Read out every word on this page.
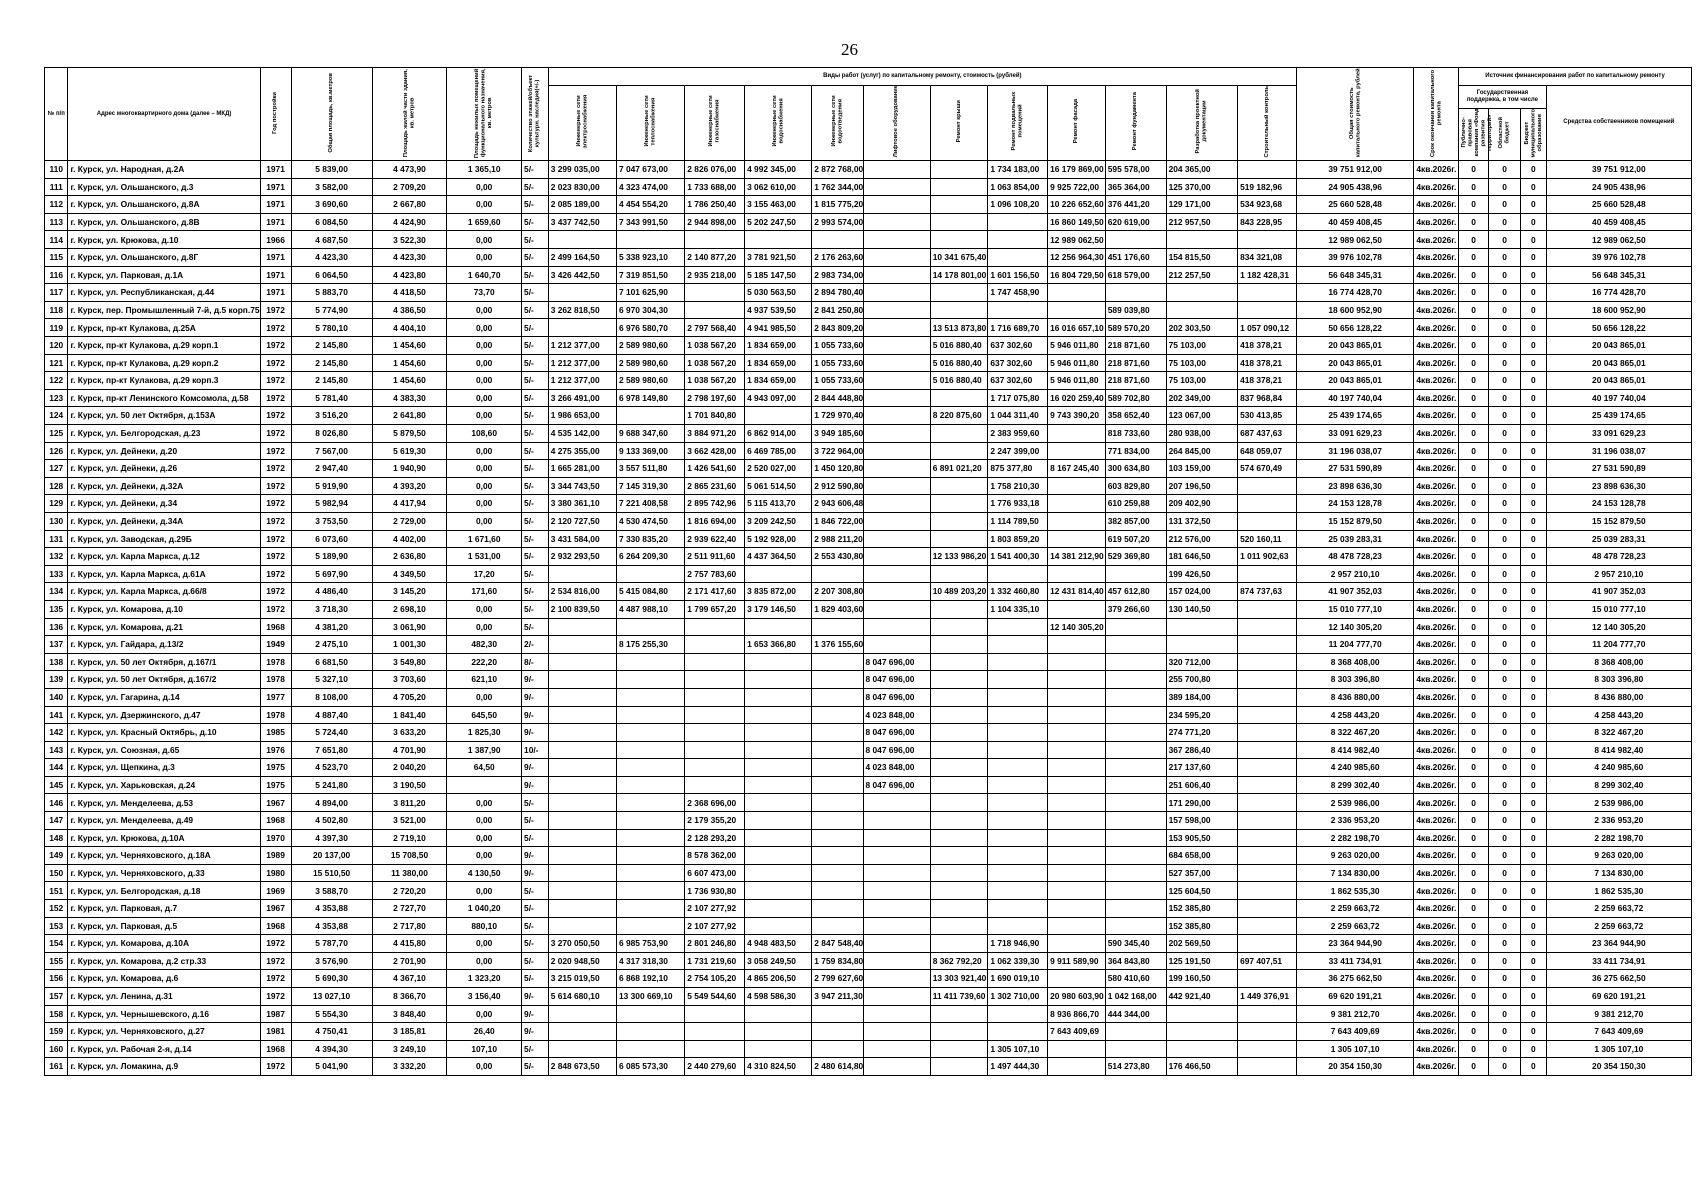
26
№ п/п	Адрес многоквартирного дома (далее – МКД)	Год постройки	Общая площадь, кв.метров	Площадь жилой части здания, кв. метров	Площадь нежилых помещений функционального назначения, кв. метров	Количество этажей/объект культурн. наследия(+/-)	Виды работ (услуг) по капитальному ремонту, стоимость (рублей)												Общая стоимость капитального ремонта, рублей	Срок окончания капитального ремонта	Источник финансирования работ по капитальному ремонту			
							Инженерные сети электроснабжения	Инженерные сети теплоснабжения	Инженерные сети газоснабжения	Инженерные сети водоснабжения	Инженерные сети водоотведения	Лифтовое оборудование	Ремонт крыши	Ремонт подвальных помещений	Ремонт фасада	Ремонт фундамента	Разработка проектной документации	Строительный контроль			Государственная поддержка, в том числе			Средства собственников помещений
																					Публично-правовая компания «Фонд развития территорий»	Областной бюджет	Бюджет муниципального образования	
110	г. Курск, ул. Народная, д.2А	1971	5 839,00	4 473,90	1 365,10	5/-	3 299 035,00	7 047 673,00	2 826 076,00	4 992 345,00	2 872 768,00			1 734 183,00	16 179 869,00	595 578,00	204 365,00		39 751 912,00	4кв.2026г.	0	0	0	39 751 912,00
111	г. Курск, ул. Ольшанского, д.3	1971	3 582,00	2 709,20	0,00	5/-	2 023 830,00	4 323 474,00	1 733 688,00	3 062 610,00	1 762 344,00			1 063 854,00	9 925 722,00	365 364,00	125 370,00	519 182,96	24 905 438,96	4кв.2026г.	0	0	0	24 905 438,96
112	г. Курск, ул. Ольшанского, д.8А	1971	3 690,60	2 667,80	0,00	5/-	2 085 189,00	4 454 554,20	1 786 250,40	3 155 463,00	1 815 775,20			1 096 108,20	10 226 652,60	376 441,20	129 171,00	534 923,68	25 660 528,48	4кв.2026г.	0	0	0	25 660 528,48
113	г. Курск, ул. Ольшанского, д.8В	1971	6 084,50	4 424,90	1 659,60	5/-	3 437 742,50	7 343 991,50	2 944 898,00	5 202 247,50	2 993 574,00				16 860 149,50	620 619,00	212 957,50	843 228,95	40 459 408,45	4кв.2026г.	0	0	0	40 459 408,45
114	г. Курск, ул. Крюкова, д.10	1966	4 687,50	3 522,30	0,00	5/-									12 989 062,50				12 989 062,50	4кв.2026г.	0	0	0	12 989 062,50
115	г. Курск, ул. Ольшанского, д.8Г	1971	4 423,30	4 423,30	0,00	5/-	2 499 164,50	5 338 923,10	2 140 877,20	3 781 921,50	2 176 263,60		10 341 675,40		12 256 964,30	451 176,60	154 815,50	834 321,08	39 976 102,78	4кв.2026г.	0	0	0	39 976 102,78
116	г. Курск, ул. Парковая, д.1А	1971	6 064,50	4 423,80	1 640,70	5/-	3 426 442,50	7 319 851,50	2 935 218,00	5 185 147,50	2 983 734,00		14 178 801,00	1 601 156,50	16 804 729,50	618 579,00	212 257,50	1 182 428,31	56 648 345,31	4кв.2026г.	0	0	0	56 648 345,31
117	г. Курск, ул. Республиканская, д.44	1971	5 883,70	4 418,50	73,70	5/-		7 101 625,90		5 030 563,50	2 894 780,40			1 747 458,90					16 774 428,70	4кв.2026г.	0	0	0	16 774 428,70
118	г. Курск, пер. Промышленный 7-й, д.5 корп.75	1972	5 774,90	4 386,50	0,00	5/-	3 262 818,50	6 970 304,30		4 937 539,50	2 841 250,80					589 039,80			18 600 952,90	4кв.2026г.	0	0	0	18 600 952,90
119	г. Курск, пр-кт Кулакова, д.25А	1972	5 780,10	4 404,10	0,00	5/-		6 976 580,70	2 797 568,40	4 941 985,50	2 843 809,20		13 513 873,80	1 716 689,70	16 016 657,10	589 570,20	202 303,50	1 057 090,12	50 656 128,22	4кв.2026г.	0	0	0	50 656 128,22
120	г. Курск, пр-кт Кулакова, д.29 корп.1	1972	2 145,80	1 454,60	0,00	5/-	1 212 377,00	2 589 980,60	1 038 567,20	1 834 659,00	1 055 733,60		5 016 880,40	637 302,60	5 946 011,80	218 871,60	75 103,00	418 378,21	20 043 865,01	4кв.2026г.	0	0	0	20 043 865,01
121	г. Курск, пр-кт Кулакова, д.29 корп.2	1972	2 145,80	1 454,60	0,00	5/-	1 212 377,00	2 589 980,60	1 038 567,20	1 834 659,00	1 055 733,60		5 016 880,40	637 302,60	5 946 011,80	218 871,60	75 103,00	418 378,21	20 043 865,01	4кв.2026г.	0	0	0	20 043 865,01
122	г. Курск, пр-кт Кулакова, д.29 корп.3	1972	2 145,80	1 454,60	0,00	5/-	1 212 377,00	2 589 980,60	1 038 567,20	1 834 659,00	1 055 733,60		5 016 880,40	637 302,60	5 946 011,80	218 871,60	75 103,00	418 378,21	20 043 865,01	4кв.2026г.	0	0	0	20 043 865,01
123	г. Курск, пр-кт Ленинского Комсомола, д.58	1972	5 781,40	4 383,30	0,00	5/-	3 266 491,00	6 978 149,80	2 798 197,60	4 943 097,00	2 844 448,80			1 717 075,80	16 020 259,40	589 702,80	202 349,00	837 968,84	40 197 740,04	4кв.2026г.	0	0	0	40 197 740,04
124	г. Курск, ул. 50 лет Октября, д.153А	1972	3 516,20	2 641,80	0,00	5/-	1 986 653,00		1 701 840,80		1 729 970,40		8 220 875,60	1 044 311,40	9 743 390,20	358 652,40	123 067,00	530 413,85	25 439 174,65	4кв.2026г.	0	0	0	25 439 174,65
125	г. Курск, ул. Белгородская, д.23	1972	8 026,80	5 879,50	108,60	5/-	4 535 142,00	9 688 347,60	3 884 971,20	6 862 914,00	3 949 185,60			2 383 959,60		818 733,60	280 938,00	687 437,63	33 091 629,23	4кв.2026г.	0	0	0	33 091 629,23
126	г. Курск, ул. Дейнеки, д.20	1972	7 567,00	5 619,30	0,00	5/-	4 275 355,00	9 133 369,00	3 662 428,00	6 469 785,00	3 722 964,00			2 247 399,00		771 834,00	264 845,00	648 059,07	31 196 038,07	4кв.2026г.	0	0	0	31 196 038,07
127	г. Курск, ул. Дейнеки, д.26	1972	2 947,40	1 940,90	0,00	5/-	1 665 281,00	3 557 511,80	1 426 541,60	2 520 027,00	1 450 120,80		6 891 021,20	875 377,80	8 167 245,40	300 634,80	103 159,00	574 670,49	27 531 590,89	4кв.2026г.	0	0	0	27 531 590,89
128	г. Курск, ул. Дейнеки, д.32А	1972	5 919,90	4 393,20	0,00	5/-	3 344 743,50	7 145 319,30	2 865 231,60	5 061 514,50	2 912 590,80			1 758 210,30		603 829,80	207 196,50		23 898 636,30	4кв.2026г.	0	0	0	23 898 636,30
129	г. Курск, ул. Дейнеки, д.34	1972	5 982,94	4 417,94	0,00	5/-	3 380 361,10	7 221 408,58	2 895 742,96	5 115 413,70	2 943 606,48			1 776 933,18		610 259,88	209 402,90		24 153 128,78	4кв.2026г.	0	0	0	24 153 128,78
130	г. Курск, ул. Дейнеки, д.34А	1972	3 753,50	2 729,00	0,00	5/-	2 120 727,50	4 530 474,50	1 816 694,00	3 209 242,50	1 846 722,00			1 114 789,50		382 857,00	131 372,50		15 152 879,50	4кв.2026г.	0	0	0	15 152 879,50
131	г. Курск, ул. Заводская, д.29Б	1972	6 073,60	4 402,00	1 671,60	5/-	3 431 584,00	7 330 835,20	2 939 622,40	5 192 928,00	2 988 211,20			1 803 859,20		619 507,20	212 576,00	520 160,11	25 039 283,31	4кв.2026г.	0	0	0	25 039 283,31
132	г. Курск, ул. Карла Маркса, д.12	1972	5 189,90	2 636,80	1 531,00	5/-	2 932 293,50	6 264 209,30	2 511 911,60	4 437 364,50	2 553 430,80		12 133 986,20	1 541 400,30	14 381 212,90	529 369,80	181 646,50	1 011 902,63	48 478 728,23	4кв.2026г.	0	0	0	48 478 728,23
133	г. Курск, ул. Карла Маркса, д.61А	1972	5 697,90	4 349,50	17,20	5/-			2 757 783,60								199 426,50		2 957 210,10	4кв.2026г.	0	0	0	2 957 210,10
134	г. Курск, ул. Карла Маркса, д.66/8	1972	4 486,40	3 145,20	171,60	5/-	2 534 816,00	5 415 084,80	2 171 417,60	3 835 872,00	2 207 308,80		10 489 203,20	1 332 460,80	12 431 814,40	457 612,80	157 024,00	874 737,63	41 907 352,03	4кв.2026г.	0	0	0	41 907 352,03
135	г. Курск, ул. Комарова, д.10	1972	3 718,30	2 698,10	0,00	5/-	2 100 839,50	4 487 988,10	1 799 657,20	3 179 146,50	1 829 403,60			1 104 335,10		379 266,60	130 140,50		15 010 777,10	4кв.2026г.	0	0	0	15 010 777,10
136	г. Курск, ул. Комарова, д.21	1968	4 381,20	3 061,90	0,00	5/-									12 140 305,20				12 140 305,20	4кв.2026г.	0	0	0	12 140 305,20
137	г. Курск, ул. Гайдара, д.13/2	1949	2 475,10	1 001,30	482,30	2/-		8 175 255,30		1 653 366,80	1 376 155,60								11 204 777,70	4кв.2026г.	0	0	0	11 204 777,70
138	г. Курск, ул. 50 лет Октября, д.167/1	1978	6 681,50	3 549,80	222,20	8/-						8 047 696,00					320 712,00		8 368 408,00	4кв.2026г.	0	0	0	8 368 408,00
139	г. Курск, ул. 50 лет Октября, д.167/2	1978	5 327,10	3 703,60	621,10	9/-						8 047 696,00					255 700,80		8 303 396,80	4кв.2026г.	0	0	0	8 303 396,80
140	г. Курск, ул. Гагарина, д.14	1977	8 108,00	4 705,20	0,00	9/-						8 047 696,00					389 184,00		8 436 880,00	4кв.2026г.	0	0	0	8 436 880,00
141	г. Курск, ул. Дзержинского, д.47	1978	4 887,40	1 841,40	645,50	9/-						4 023 848,00					234 595,20		4 258 443,20	4кв.2026г.	0	0	0	4 258 443,20
142	г. Курск, ул. Красный Октябрь, д.10	1985	5 724,40	3 633,20	1 825,30	9/-						8 047 696,00					274 771,20		8 322 467,20	4кв.2026г.	0	0	0	8 322 467,20
143	г. Курск, ул. Союзная, д.65	1976	7 651,80	4 701,90	1 387,90	10/-						8 047 696,00					367 286,40		8 414 982,40	4кв.2026г.	0	0	0	8 414 982,40
144	г. Курск, ул. Щепкина, д.3	1975	4 523,70	2 040,20	64,50	9/-						4 023 848,00					217 137,60		4 240 985,60	4кв.2026г.	0	0	0	4 240 985,60
145	г. Курск, ул. Харьковская, д.24	1975	5 241,80	3 190,50		9/-						8 047 696,00					251 606,40		8 299 302,40	4кв.2026г.	0	0	0	8 299 302,40
146	г. Курск, ул. Менделеева, д.53	1967	4 894,00	3 811,20	0,00	5/-			2 368 696,00								171 290,00		2 539 986,00	4кв.2026г.	0	0	0	2 539 986,00
147	г. Курск, ул. Менделеева, д.49	1968	4 502,80	3 521,00	0,00	5/-			2 179 355,20								157 598,00		2 336 953,20	4кв.2026г.	0	0	0	2 336 953,20
148	г. Курск, ул. Крюкова, д.10А	1970	4 397,30	2 719,10	0,00	5/-			2 128 293,20								153 905,50		2 282 198,70	4кв.2026г.	0	0	0	2 282 198,70
149	г. Курск, ул. Черняховского, д.18А	1989	20 137,00	15 708,50	0,00	9/-			8 578 362,00								684 658,00		9 263 020,00	4кв.2026г.	0	0	0	9 263 020,00
150	г. Курск, ул. Черняховского, д.33	1980	15 510,50	11 380,00	4 130,50	9/-			6 607 473,00								527 357,00		7 134 830,00	4кв.2026г.	0	0	0	7 134 830,00
151	г. Курск, ул. Белгородская, д.18	1969	3 588,70	2 720,20	0,00	5/-			1 736 930,80								125 604,50		1 862 535,30	4кв.2026г.	0	0	0	1 862 535,30
152	г. Курск, ул. Парковая, д.7	1967	4 353,88	2 727,70	1 040,20	5/-			2 107 277,92								152 385,80		2 259 663,72	4кв.2026г.	0	0	0	2 259 663,72
153	г. Курск, ул. Парковая, д.5	1968	4 353,88	2 717,80	880,10	5/-			2 107 277,92								152 385,80		2 259 663,72	4кв.2026г.	0	0	0	2 259 663,72
154	г. Курск, ул. Комарова, д.10А	1972	5 787,70	4 415,80	0,00	5/-	3 270 050,50	6 985 753,90	2 801 246,80	4 948 483,50	2 847 548,40			1 718 946,90		590 345,40	202 569,50		23 364 944,90	4кв.2026г.	0	0	0	23 364 944,90
155	г. Курск, ул. Комарова, д.2 стр.33	1972	3 576,90	2 701,90	0,00	5/-	2 020 948,50	4 317 318,30	1 731 219,60	3 058 249,50	1 759 834,80		8 362 792,20	1 062 339,30	9 911 589,90	364 843,80	125 191,50	697 407,51	33 411 734,91	4кв.2026г.	0	0	0	33 411 734,91
156	г. Курск, ул. Комарова, д.6	1972	5 690,30	4 367,10	1 323,20	5/-	3 215 019,50	6 868 192,10	2 754 105,20	4 865 206,50	2 799 627,60		13 303 921,40	1 690 019,10		580 410,60	199 160,50		36 275 662,50	4кв.2026г.	0	0	0	36 275 662,50
157	г. Курск, ул. Ленина, д.31	1972	13 027,10	8 366,70	3 156,40	9/-	5 614 680,10	13 300 669,10	5 549 544,60	4 598 586,30	3 947 211,30		11 411 739,60	1 302 710,00	20 980 603,90	1 042 168,00	442 921,40	1 449 376,91	69 620 191,21	4кв.2026г.	0	0	0	69 620 191,21
158	г. Курск, ул. Чернышевского, д.16	1987	5 554,30	3 848,40	0,00	9/-									8 936 866,70	444 344,00			9 381 212,70	4кв.2026г.	0	0	0	9 381 212,70
159	г. Курск, ул. Черняховского, д.27	1981	4 750,41	3 185,81	26,40	9/-									7 643 409,69				7 643 409,69	4кв.2026г.	0	0	0	7 643 409,69
160	г. Курск, ул. Рабочая 2-я, д.14	1968	4 394,30	3 249,10	107,10	5/-								1 305 107,10					1 305 107,10	4кв.2026г.	0	0	0	1 305 107,10
161	г. Курск, ул. Ломакина, д.9	1972	5 041,90	3 332,20	0,00	5/-	2 848 673,50	6 085 573,30	2 440 279,60	4 310 824,50	2 480 614,80			1 497 444,30		514 273,80	176 466,50		20 354 150,30	4кв.2026г.	0	0	0	20 354 150,30
